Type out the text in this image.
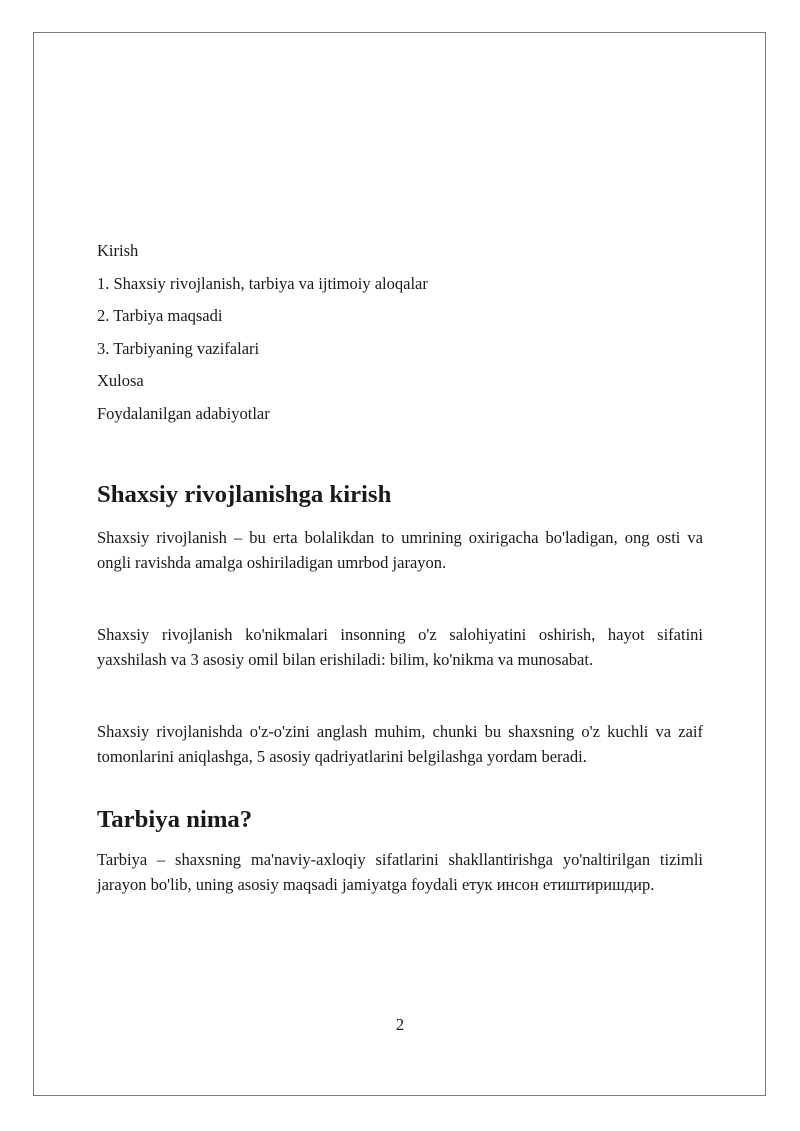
Kirish
1. Shaxsiy rivojlanish, tarbiya va ijtimoiy aloqalar
2. Tarbiya maqsadi
3. Tarbiyaning vazifalari
Xulosa
Foydalanilgan adabiyotlar
Shaxsiy rivojlanishga kirish

Shaxsiy rivojlanish – bu erta bolalikdan to umrining oxirigacha bo'ladigan, ong osti va ongli ravishda amalga oshiriladigan umrbod jarayon.

Shaxsiy rivojlanish ko'nikmalari insonning o'z salohiyatini oshirish, hayot sifatini yaxshilash va 3 asosiy omil bilan erishiladi: bilim, ko'nikma va munosabat.

Shaxsiy rivojlanishda o'z-o'zini anglash muhim, chunki bu shaxsning o'z kuchli va zaif tomonlarini aniqlashga, 5 asosiy qadriyatlarini belgilashga yordam beradi.

Tarbiya nima?

Tarbiya – shaxsning ma'naviy-axloqiy sifatlarini shakllantirishga yo'naltirilgan tizimli jarayon bo'lib, uning asosiy maqsadi jamiyatga foydali етук инсон етиштиришдир.

2
